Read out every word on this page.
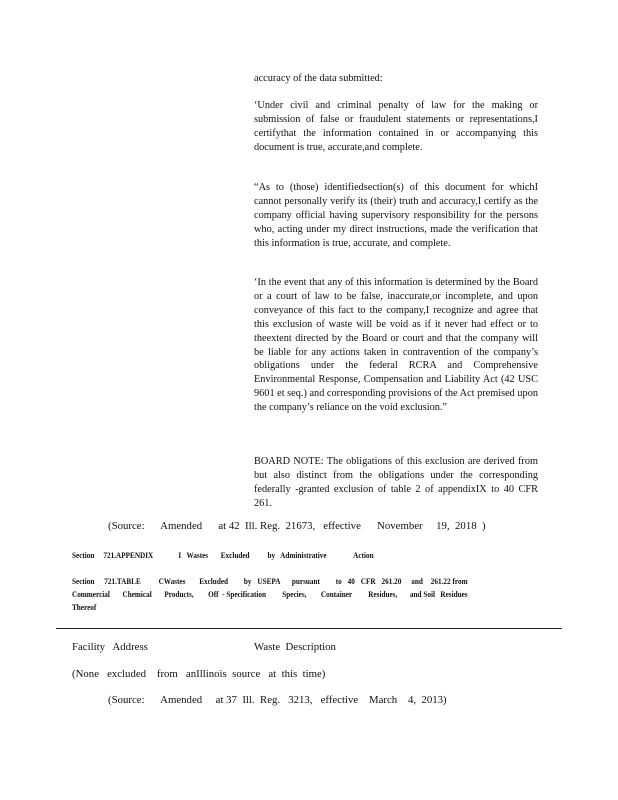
accuracy of the data submitted:

‘Under civil and criminal penalty of law for the making or submission of false or fraudulent statements or representations,I certifythat the information contained in or accompanying this document is true, accurate,and complete.

“As to (those) identifiedsection(s) of this document for whichI cannot personally verify its (their) truth and accuracy,I certify as the company official having supervisory responsibility for the persons who, acting under my direct instructions, made the verification that this information is true, accurate, and complete.

‘In the event that any of this information is determined by the Board or a court of law to be false, inaccurate,or incomplete, and upon conveyance of this fact to the company,I recognize and agree that this exclusion of waste will be void as if it never had effect or to theextent directed by the Board or court and that the company will be liable for any actions taken in contravention of the company’s obligations under the federal RCRA and Comprehensive Environmental Response, Compensation and Liability Act (42 USC 9601 et seq.) and corresponding provisions of the Act premised upon the company’s reliance on the void exclusion.”

BOARD NOTE: The obligations of this exclusion are derived from but also distinct from the obligations under the corresponding federally -granted exclusion of table 2 of appendixIX to 40 CFR 261.

(Source:      Amended      at 42  Ill. Reg.  21673,   effective      November     19,  2018  )
Section     721.APPENDIX              I   Wastes       Excluded          by   Administrative               Action
Section     721.TABLE         CWastes       Excluded        by   USEPA      pursuant        to   40   CFR   261.20     and    261.22 from    Commercial       Chemical       Products,        Off  - Specification         Species,        Container         Residues,       and Soil   Residues     Thereof
Facility   Address	Waste  Description
(None   excluded    from   anIllinois  source   at  this  time)
(Source:      Amended     at 37  Ill.  Reg.   3213,   effective    March    4,  2013)
